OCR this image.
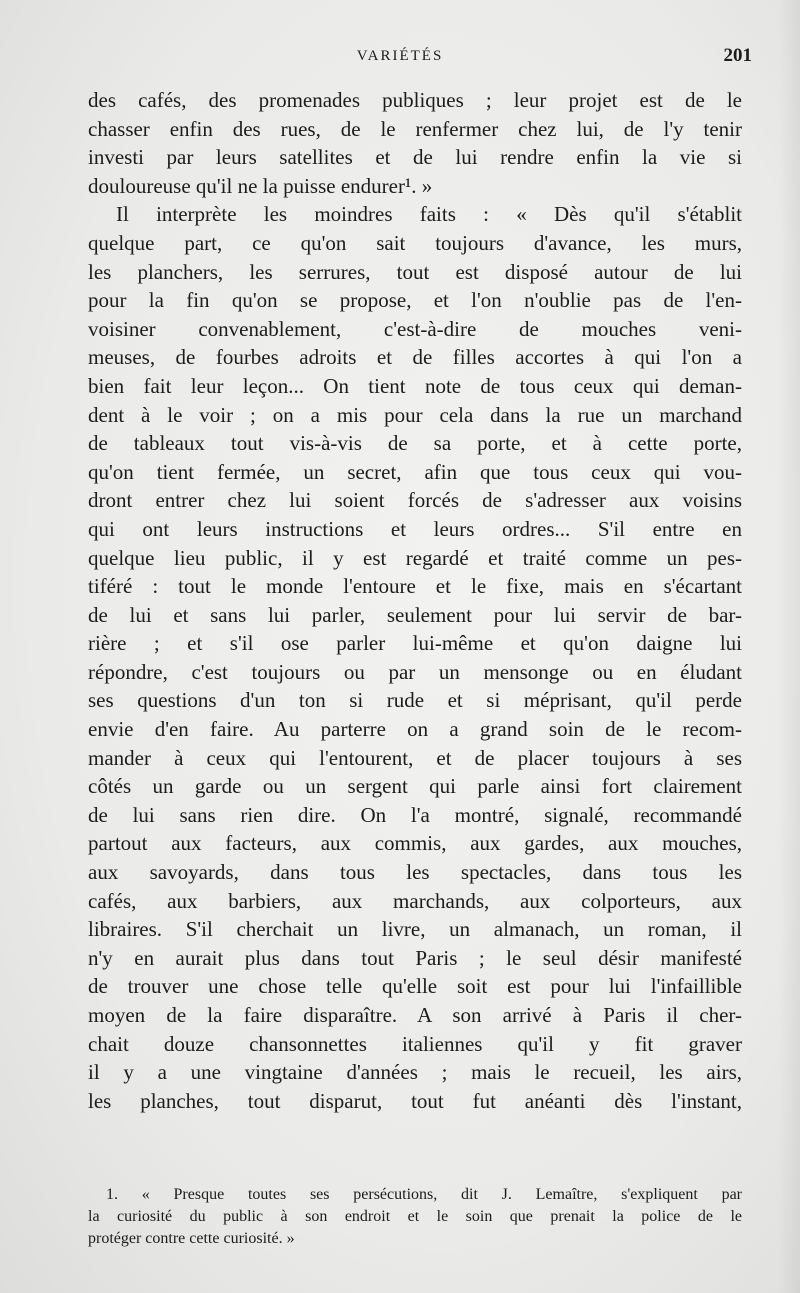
VARIÉTÉS	201
des cafés, des promenades publiques ; leur projet est de le
chasser enfin des rues, de le renfermer chez lui, de l'y tenir
investi par leurs satellites et de lui rendre enfin la vie si
douloureuse qu'il ne la puisse endurer¹. »
Il interprète les moindres faits : « Dès qu'il s'établit
quelque part, ce qu'on sait toujours d'avance, les murs,
les planchers, les serrures, tout est disposé autour de lui
pour la fin qu'on se propose, et l'on n'oublie pas de l'en-
voisiner convenablement, c'est-à-dire de mouches veni-
meuses, de fourbes adroits et de filles accortes à qui l'on a
bien fait leur leçon... On tient note de tous ceux qui deman-
dent à le voir ; on a mis pour cela dans la rue un marchand
de tableaux tout vis-à-vis de sa porte, et à cette porte,
qu'on tient fermée, un secret, afin que tous ceux qui vou-
dront entrer chez lui soient forcés de s'adresser aux voisins
qui ont leurs instructions et leurs ordres... S'il entre en
quelque lieu public, il y est regardé et traité comme un pes-
tiféré : tout le monde l'entoure et le fixe, mais en s'écartant
de lui et sans lui parler, seulement pour lui servir de bar-
rière ; et s'il ose parler lui-même et qu'on daigne lui
répondre, c'est toujours ou par un mensonge ou en éludant
ses questions d'un ton si rude et si méprisant, qu'il perde
envie d'en faire. Au parterre on a grand soin de le recom-
mander à ceux qui l'entourent, et de placer toujours à ses
côtés un garde ou un sergent qui parle ainsi fort clairement
de lui sans rien dire. On l'a montré, signalé, recommandé
partout aux facteurs, aux commis, aux gardes, aux mouches,
aux savoyards, dans tous les spectacles, dans tous les
cafés, aux barbiers, aux marchands, aux colporteurs, aux
libraires. S'il cherchait un livre, un almanach, un roman, il
n'y en aurait plus dans tout Paris ; le seul désir manifesté
de trouver une chose telle qu'elle soit est pour lui l'infaillible
moyen de la faire disparaître. A son arrivé à Paris il cher-
chait douze chansonnettes italiennes qu'il y fit graver
il y a une vingtaine d'années ; mais le recueil, les airs,
les planches, tout disparut, tout fut anéanti dès l'instant,
1. « Presque toutes ses persécutions, dit J. Lemaître, s'expliquent par
la curiosité du public à son endroit et le soin que prenait la police de le
protéger contre cette curiosité. »
